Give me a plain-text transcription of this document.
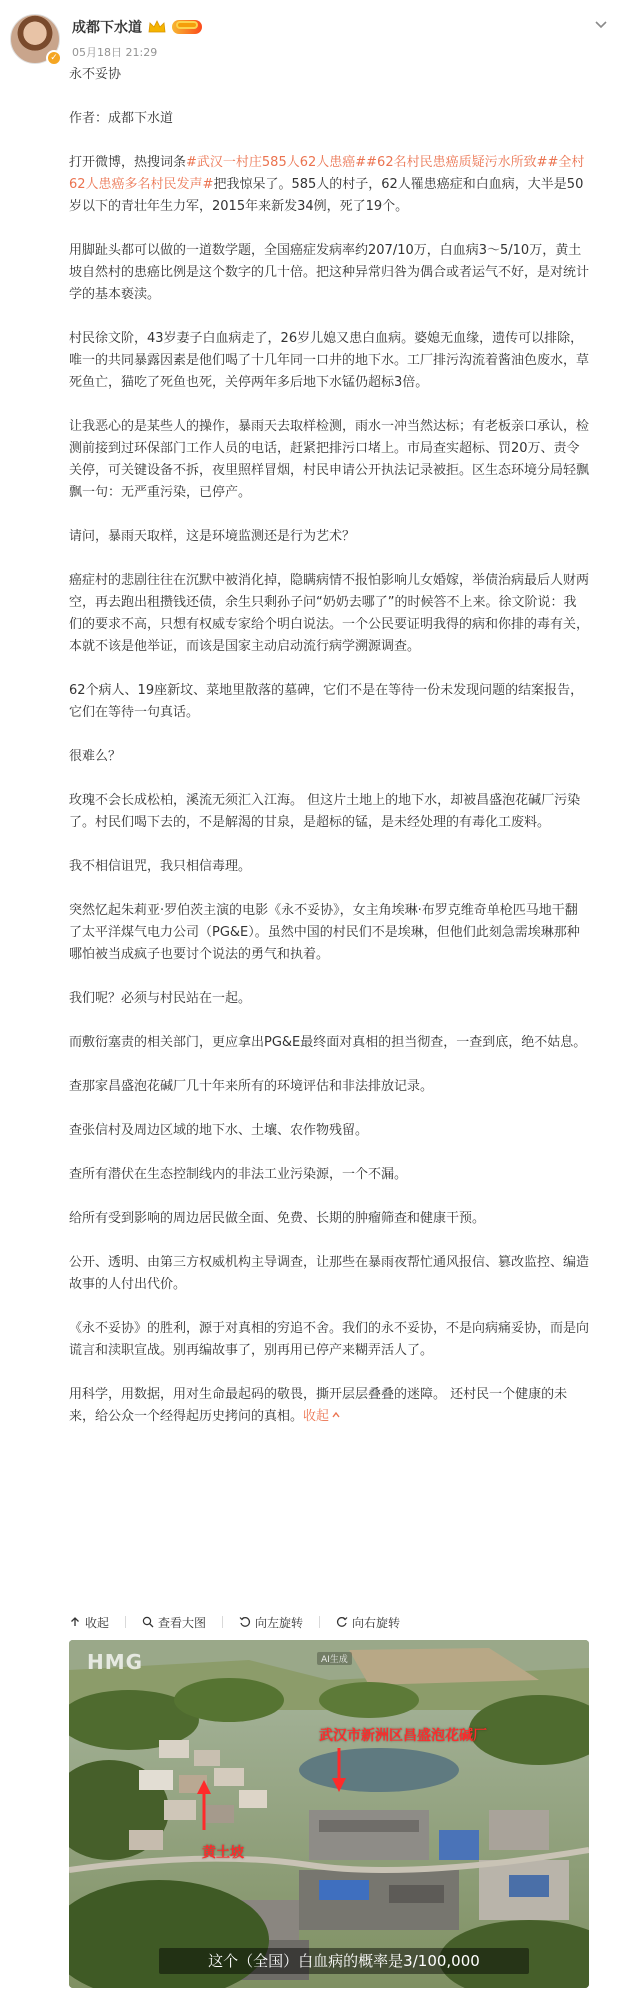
✓
成都下水道
05月18日 21:29
永不妥协
作者：成都下水道
打开微博，热搜词条#武汉一村庄585人62人患癌##62名村民患癌质疑污水所致##全村62人患癌多名村民发声#把我惊呆了。585人的村子，62人罹患癌症和白血病，大半是50岁以下的青壮年生力军，2015年来新发34例，死了19个。
用脚趾头都可以做的一道数学题，全国癌症发病率约207/10万，白血病3～5/10万，黄土坡自然村的患癌比例是这个数字的几十倍。把这种异常归咎为偶合或者运气不好，是对统计学的基本亵渎。
村民徐文阶，43岁妻子白血病走了，26岁儿媳又患白血病。婆媳无血缘，遗传可以排除，唯一的共同暴露因素是他们喝了十几年同一口井的地下水。工厂排污沟流着酱油色废水，草死鱼亡，猫吃了死鱼也死，关停两年多后地下水锰仍超标3倍。
让我恶心的是某些人的操作，暴雨天去取样检测，雨水一冲当然达标；有老板亲口承认，检测前接到过环保部门工作人员的电话，赶紧把排污口堵上。市局查实超标、罚20万、责令关停，可关键设备不拆，夜里照样冒烟，村民申请公开执法记录被拒。区生态环境分局轻飘飘一句：无严重污染，已停产。
请问，暴雨天取样，这是环境监测还是行为艺术？
癌症村的悲剧往往在沉默中被消化掉，隐瞒病情不报怕影响儿女婚嫁，举债治病最后人财两空，再去跑出租攒钱还债，余生只剩孙子问“奶奶去哪了”的时候答不上来。徐文阶说：我们的要求不高，只想有权威专家给个明白说法。一个公民要证明我得的病和你排的毒有关，本就不该是他举证，而该是国家主动启动流行病学溯源调查。
62个病人、19座新坟、菜地里散落的墓碑，它们不是在等待一份未发现问题的结案报告，它们在等待一句真话。
很难么？
玫瑰不会长成松柏，溪流无须汇入江海。 但这片土地上的地下水，却被昌盛泡花碱厂污染了。村民们喝下去的，不是解渴的甘泉，是超标的锰，是未经处理的有毒化工废料。
我不相信诅咒，我只相信毒理。
突然忆起朱莉亚·罗伯茨主演的电影《永不妥协》，女主角埃琳·布罗克维奇单枪匹马地干翻了太平洋煤气电力公司（PG&E）。虽然中国的村民们不是埃琳，但他们此刻急需埃琳那种哪怕被当成疯子也要讨个说法的勇气和执着。
我们呢？必须与村民站在一起。
而敷衍塞责的相关部门，更应拿出PG&E最终面对真相的担当彻查，一查到底，绝不姑息。
查那家昌盛泡花碱厂几十年来所有的环境评估和非法排放记录。
查张信村及周边区域的地下水、土壤、农作物残留。
查所有潜伏在生态控制线内的非法工业污染源，一个不漏。
给所有受到影响的周边居民做全面、免费、长期的肿瘤筛查和健康干预。
公开、透明、由第三方权威机构主导调查，让那些在暴雨夜帮忙通风报信、篡改监控、编造故事的人付出代价。
《永不妥协》的胜利，源于对真相的穷追不舍。我们的永不妥协，不是向病痛妥协，而是向谎言和渎职宣战。别再编故事了，别再用已停产来糊弄活人了。
用科学，用数据，用对生命最起码的敬畏，撕开层层叠叠的迷障。 还村民一个健康的未来，给公众一个经得起历史拷问的真相。收起
收起	查看大图	向左旋转	向右旋转
HMG	AI生成
武汉市新洲区昌盛泡花碱厂
黄土坡
这个（全国）白血病的概率是3/100,000
